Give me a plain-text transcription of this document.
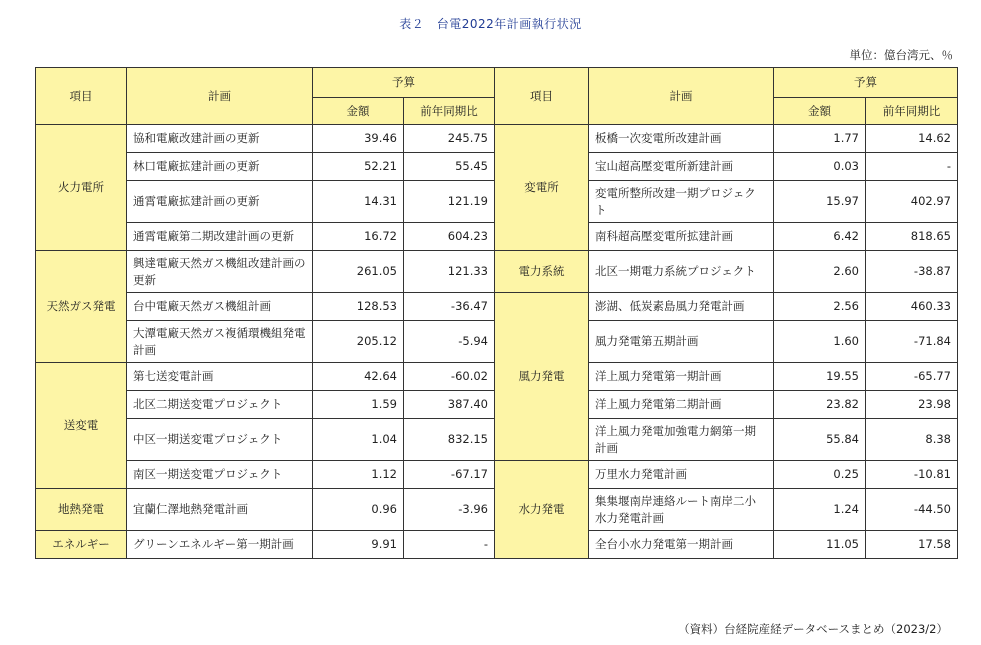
表２　台電2022年計画執行状況
単位：億台湾元、％
項目	計画	予算		項目	計画	予算	
		金額	前年同期比			金額	前年同期比
火力電所	協和電廠改建計画の更新	39.46	245.75	変電所	板橋一次変電所改建計画	1.77	14.62
	林口電廠拡建計画の更新	52.21	55.45		宝山超高壓変電所新建計画	0.03	-
	通霄電廠拡建計画の更新	14.31	121.19		変電所整所改建一期プロジェクト	15.97	402.97
	通霄電廠第二期改建計画の更新	16.72	604.23		南科超高壓変電所拡建計画	6.42	818.65
天然ガス発電	興達電廠天然ガス機組改建計画の更新	261.05	121.33	電力系統	北区一期電力系統プロジェクト	2.60	-38.87
	台中電廠天然ガス機組計画	128.53	-36.47	風力発電	澎湖、低炭素島風力発電計画	2.56	460.33
	大潭電廠天然ガス複循環機組発電計画	205.12	-5.94		風力発電第五期計画	1.60	-71.84
送変電	第七送変電計画	42.64	-60.02		洋上風力発電第一期計画	19.55	-65.77
	北区二期送変電プロジェクト	1.59	387.40		洋上風力発電第二期計画	23.82	23.98
	中区一期送変電プロジェクト	1.04	832.15		洋上風力発電加強電力網第一期計画	55.84	8.38
	南区一期送変電プロジェクト	1.12	-67.17	水力発電	万里水力発電計画	0.25	-10.81
地熱発電	宜蘭仁澤地熱発電計画	0.96	-3.96		集集堰南岸連絡ルート南岸二小水力発電計画	1.24	-44.50
エネルギー	グリーンエネルギー第一期計画	9.91	-		全台小水力発電第一期計画	11.05	17.58
（資料）台経院産経データベースまとめ（2023/2）
